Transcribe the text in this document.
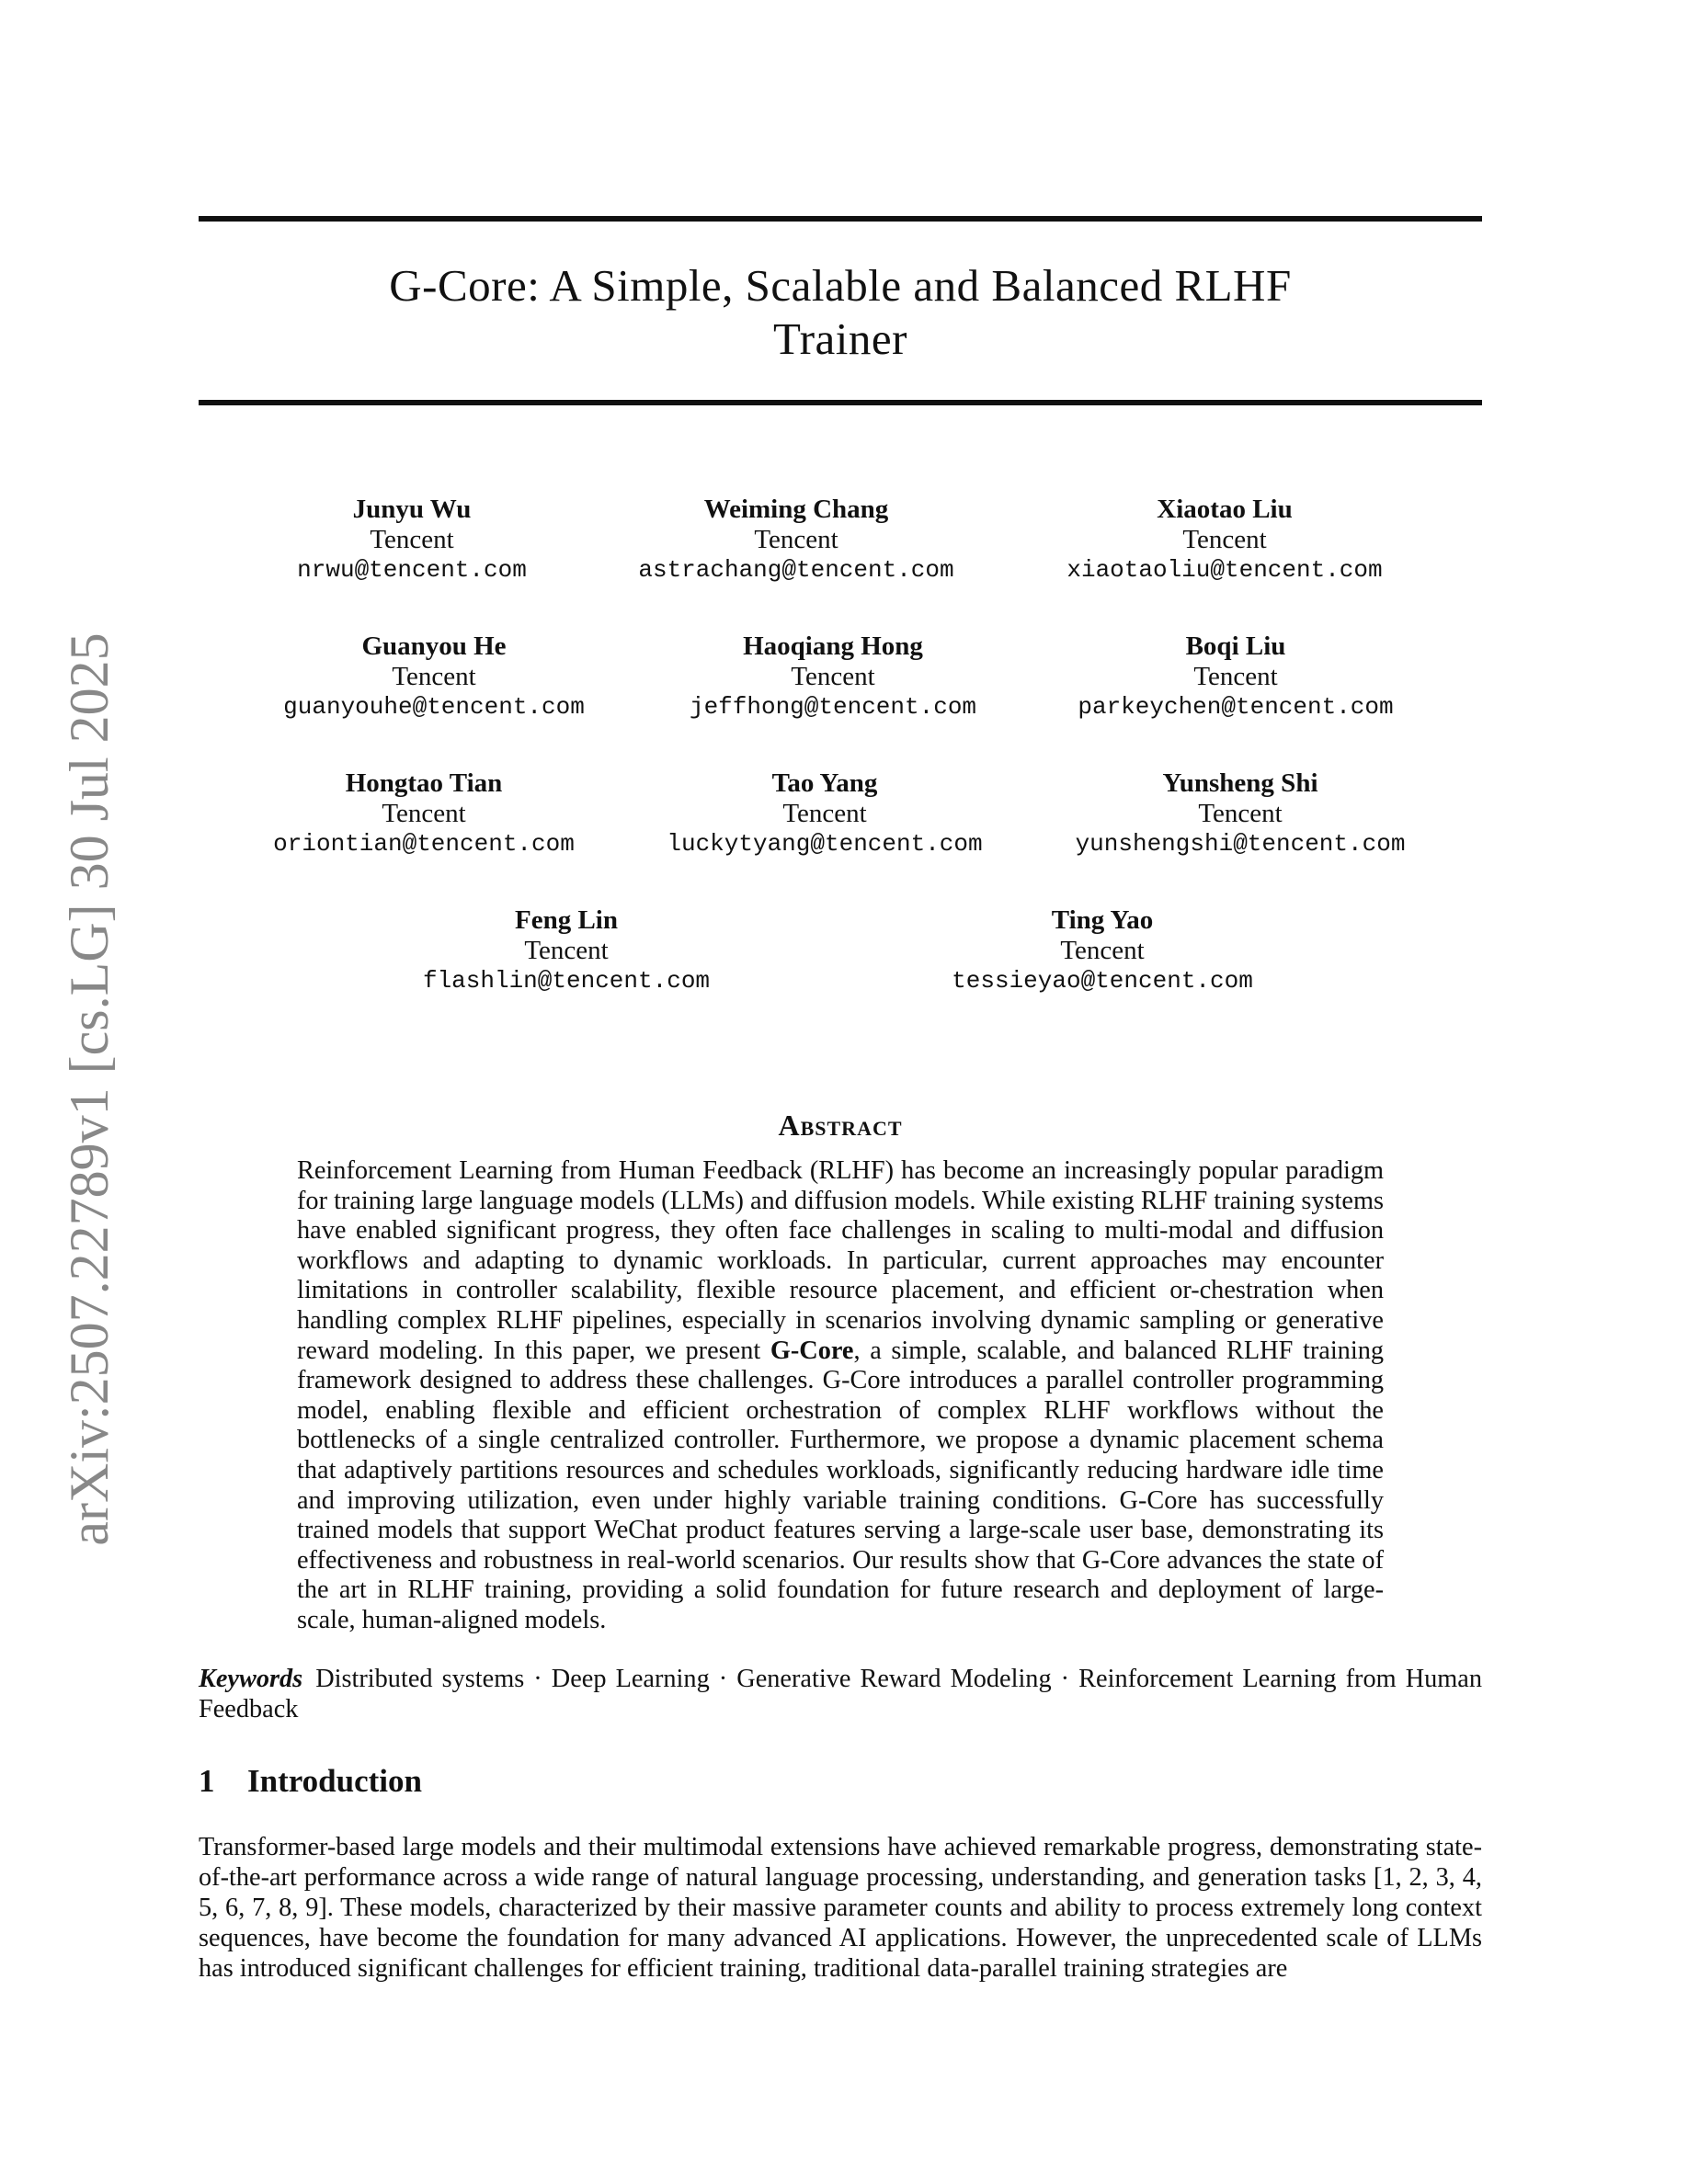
arXiv:2507.22789v1 [cs.LG] 30 Jul 2025
G-Core: A Simple, Scalable and Balanced RLHF
Trainer
Junyu Wu
Tencent
nrwu@tencent.com
Weiming Chang
Tencent
astrachang@tencent.com
Xiaotao Liu
Tencent
xiaotaoliu@tencent.com
Guanyou He
Tencent
guanyouhe@tencent.com
Haoqiang Hong
Tencent
jeffhong@tencent.com
Boqi Liu
Tencent
parkeychen@tencent.com
Hongtao Tian
Tencent
oriontian@tencent.com
Tao Yang
Tencent
luckytyang@tencent.com
Yunsheng Shi
Tencent
yunshengshi@tencent.com
Feng Lin
Tencent
flashlin@tencent.com
Ting Yao
Tencent
tessieyao@tencent.com
Abstract
Reinforcement Learning from Human Feedback (RLHF) has become an increasingly popular paradigm for training large language models (LLMs) and diffusion models. While existing RLHF training systems have enabled significant progress, they often face challenges in scaling to multi-modal and diffusion workflows and adapting to dynamic workloads. In particular, current approaches may encounter limitations in controller scalability, flexible resource placement, and efficient or-chestration when handling complex RLHF pipelines, especially in scenarios involving dynamic sampling or generative reward modeling. In this paper, we present G-Core, a simple, scalable, and balanced RLHF training framework designed to address these challenges. G-Core introduces a parallel controller programming model, enabling flexible and efficient orchestration of complex RLHF workflows without the bottlenecks of a single centralized controller. Furthermore, we propose a dynamic placement schema that adaptively partitions resources and schedules workloads, significantly reducing hardware idle time and improving utilization, even under highly variable training conditions. G-Core has successfully trained models that support WeChat product features serving a large-scale user base, demonstrating its effectiveness and robustness in real-world scenarios. Our results show that G-Core advances the state of the art in RLHF training, providing a solid foundation for future research and deployment of large-scale, human-aligned models.
Keywords Distributed systems · Deep Learning · Generative Reward Modeling · Reinforcement Learning from Human Feedback
1 Introduction
Transformer-based large models and their multimodal extensions have achieved remarkable progress, demonstrating state-of-the-art performance across a wide range of natural language processing, understanding, and generation tasks [1, 2, 3, 4, 5, 6, 7, 8, 9]. These models, characterized by their massive parameter counts and ability to process extremely long context sequences, have become the foundation for many advanced AI applications. However, the unprecedented scale of LLMs has introduced significant challenges for efficient training, traditional data-parallel training strategies are
